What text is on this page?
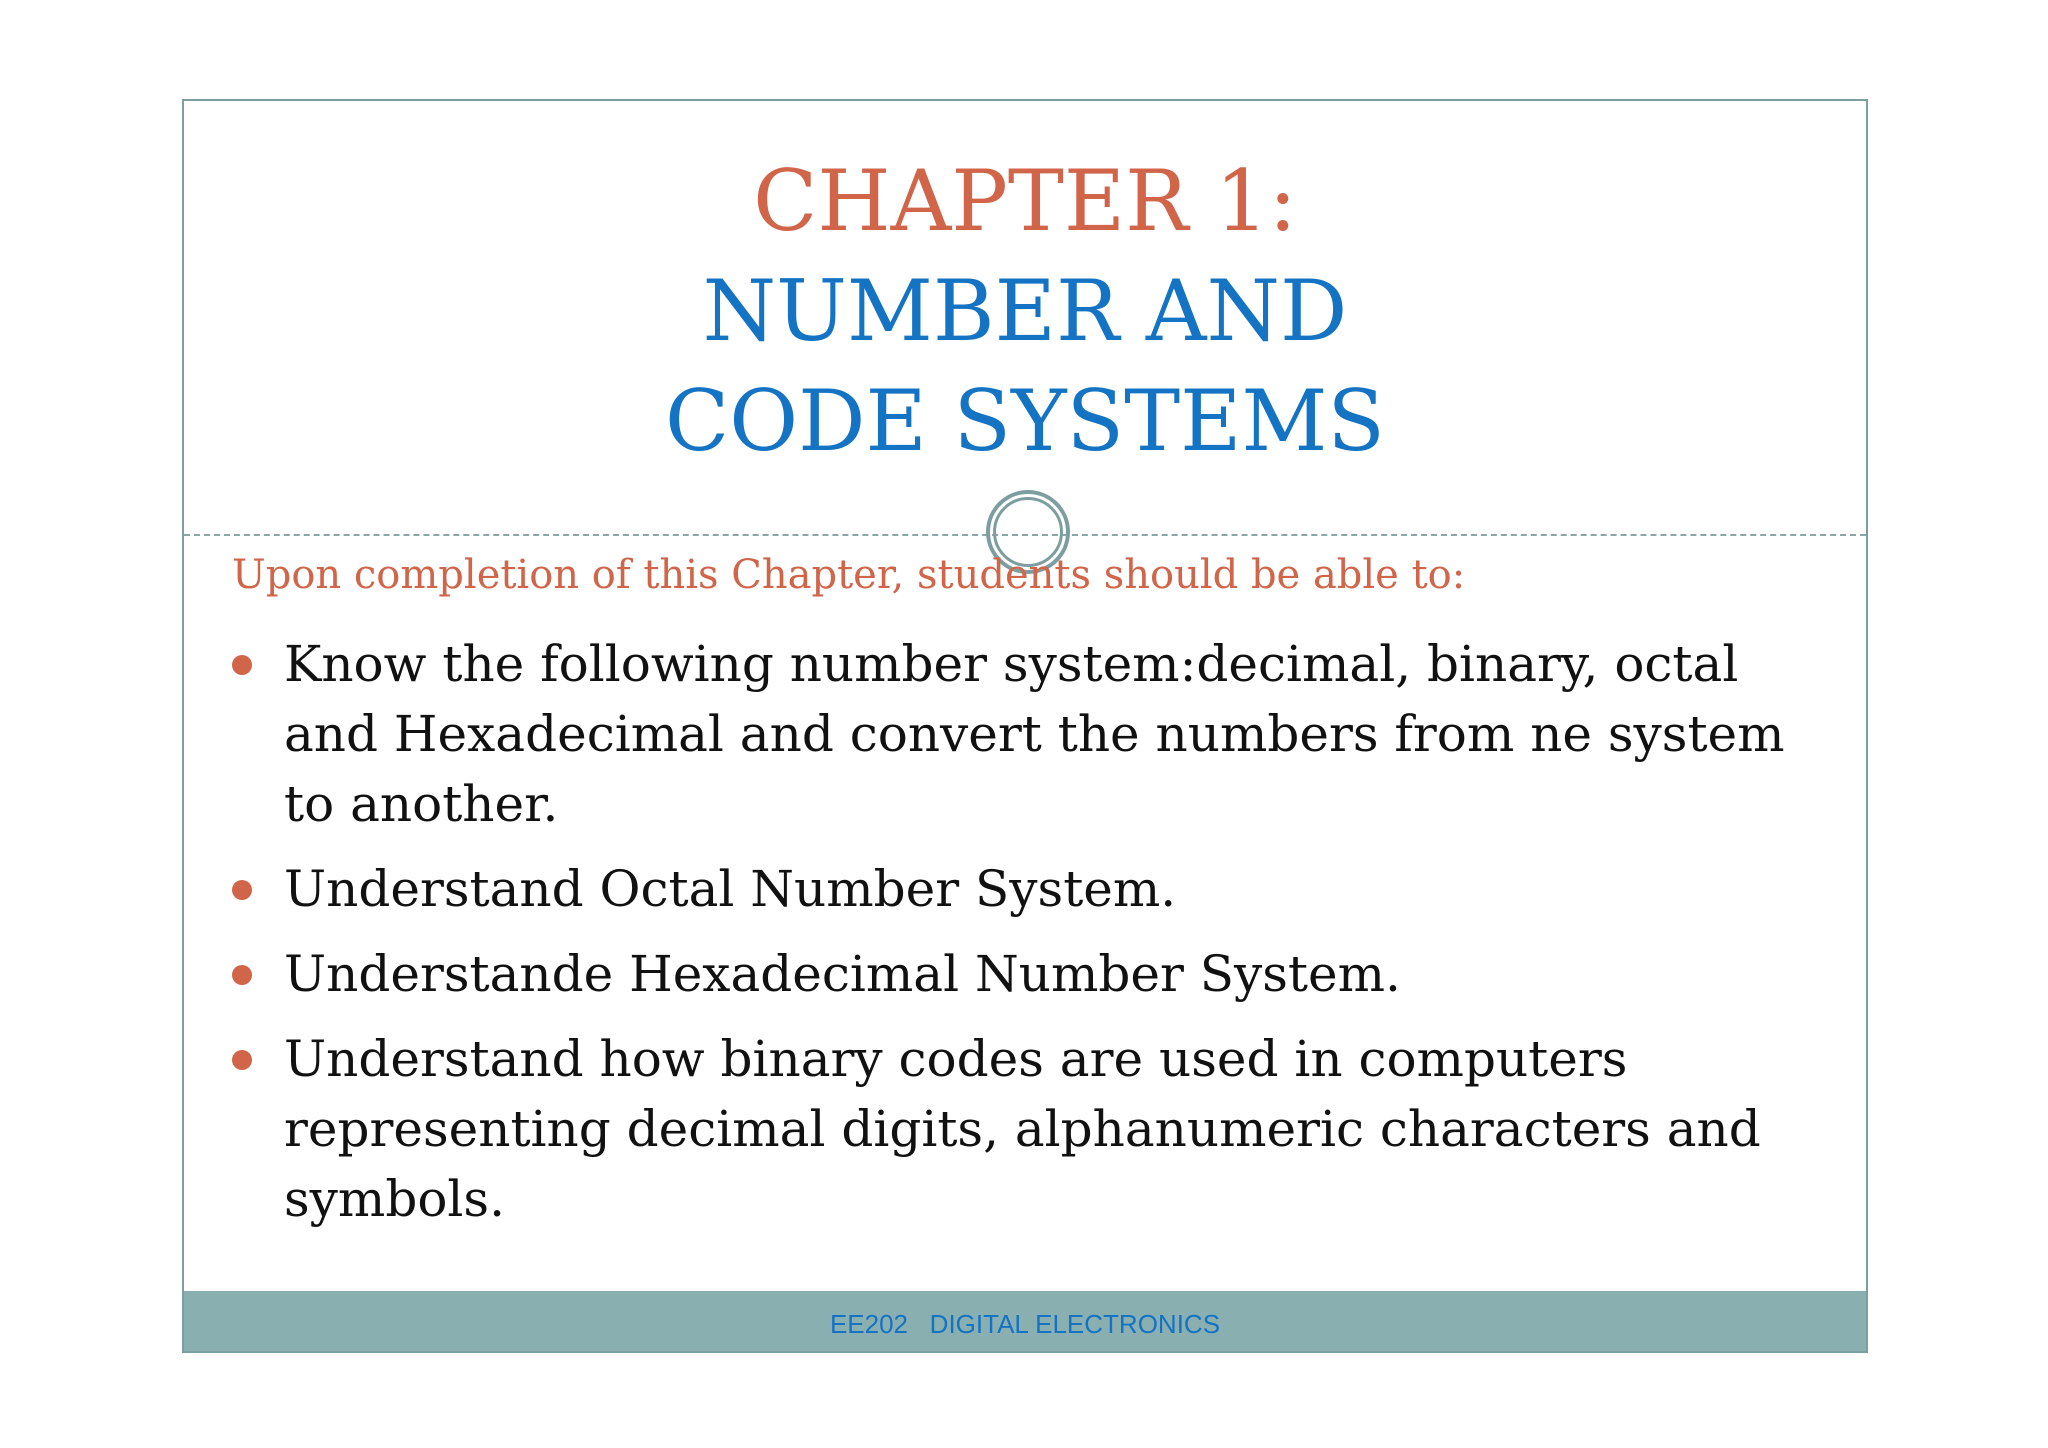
CHAPTER 1:
NUMBER AND
CODE SYSTEMS
Upon completion of this Chapter, students should be able to:
Know the following number system:decimal, binary, octal and Hexadecimal and convert the numbers from ne system to another.
Understand Octal Number System.
Understande Hexadecimal Number System.
Understand how binary codes are used in computers representing decimal digits, alphanumeric characters and symbols.
EE202   DIGITAL ELECTRONICS
